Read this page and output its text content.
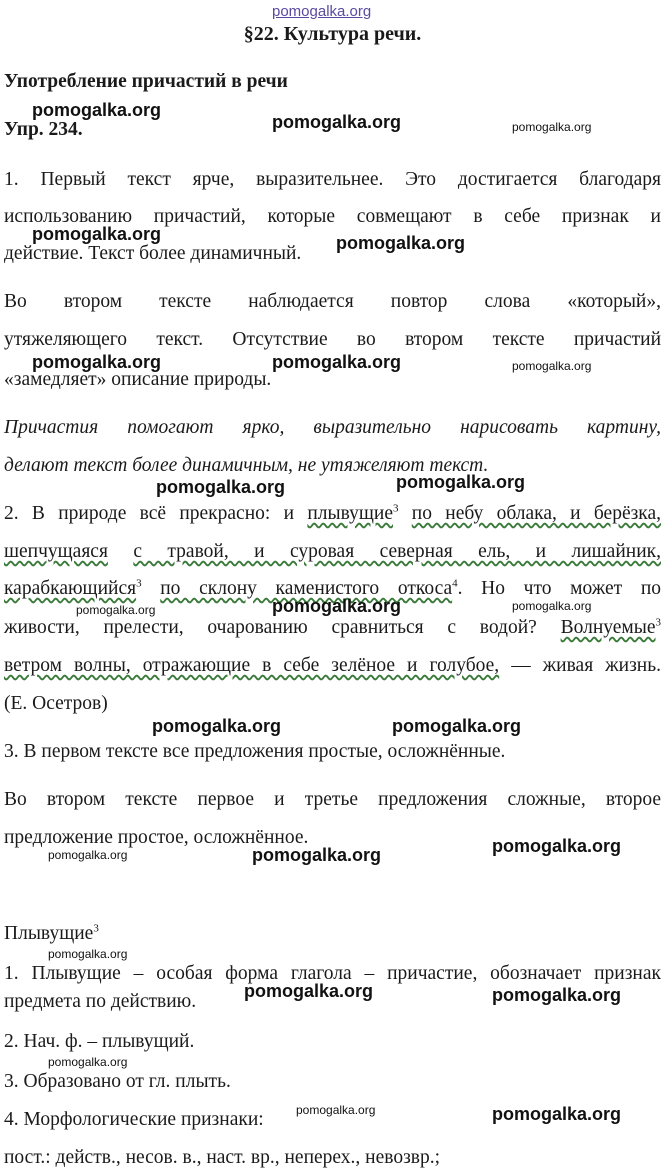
pomogalka.org
§22. Культура речи.
Употребление причастий в речи
Упр. 234.
1. Первый текст ярче, выразительнее. Это достигается благодаря
использованию причастий, которые совмещают в себе признак и
действие. Текст более динамичный.
Во втором тексте наблюдается повтор слова «который»,
утяжеляющего текст. Отсутствие во втором тексте причастий
«замедляет» описание природы.
Причастия помогают ярко, выразительно нарисовать картину,
делают текст более динамичным, не утяжеляют текст.
2. В природе всё прекрасно: и плывущие$^3$ по небу облака, и берёзка,
шепчущаяся с травой, и суровая северная ель, и лишайник,
карабкающийся$^3$ по склону каменистого откоса$^4$. Но что может по
живости, прелести, очарованию сравниться с водой? Волнуемые$^3$
ветром волны, отражающие в себе зелёное и голубое, — живая жизнь.
(Е. Осетров)
3. В первом тексте все предложения простые, осложнённые.
Во втором тексте первое и третье предложения сложные, второе
предложение простое, осложнённое.
Плывущие$^3$
1. Плывущие – особая форма глагола – причастие, обозначает признак
предмета по действию.
2. Нач. ф. – плывущий.
3. Образовано от гл. плыть.
4. Морфологические признаки:
пост.: действ., несов. в., наст. вр., неперех., невозвр.;
pomogalka.org
pomogalka.org	pomogalka.org
pomogalka.org	pomogalka.org
pomogalka.org	pomogalka.org	pomogalka.org
pomogalka.org	pomogalka.org
pomogalka.org	pomogalka.org	pomogalka.org
pomogalka.org	pomogalka.org
pomogalka.org	pomogalka.org	pomogalka.org
pomogalka.org
pomogalka.org	pomogalka.org
pomogalka.org
pomogalka.org	pomogalka.org
